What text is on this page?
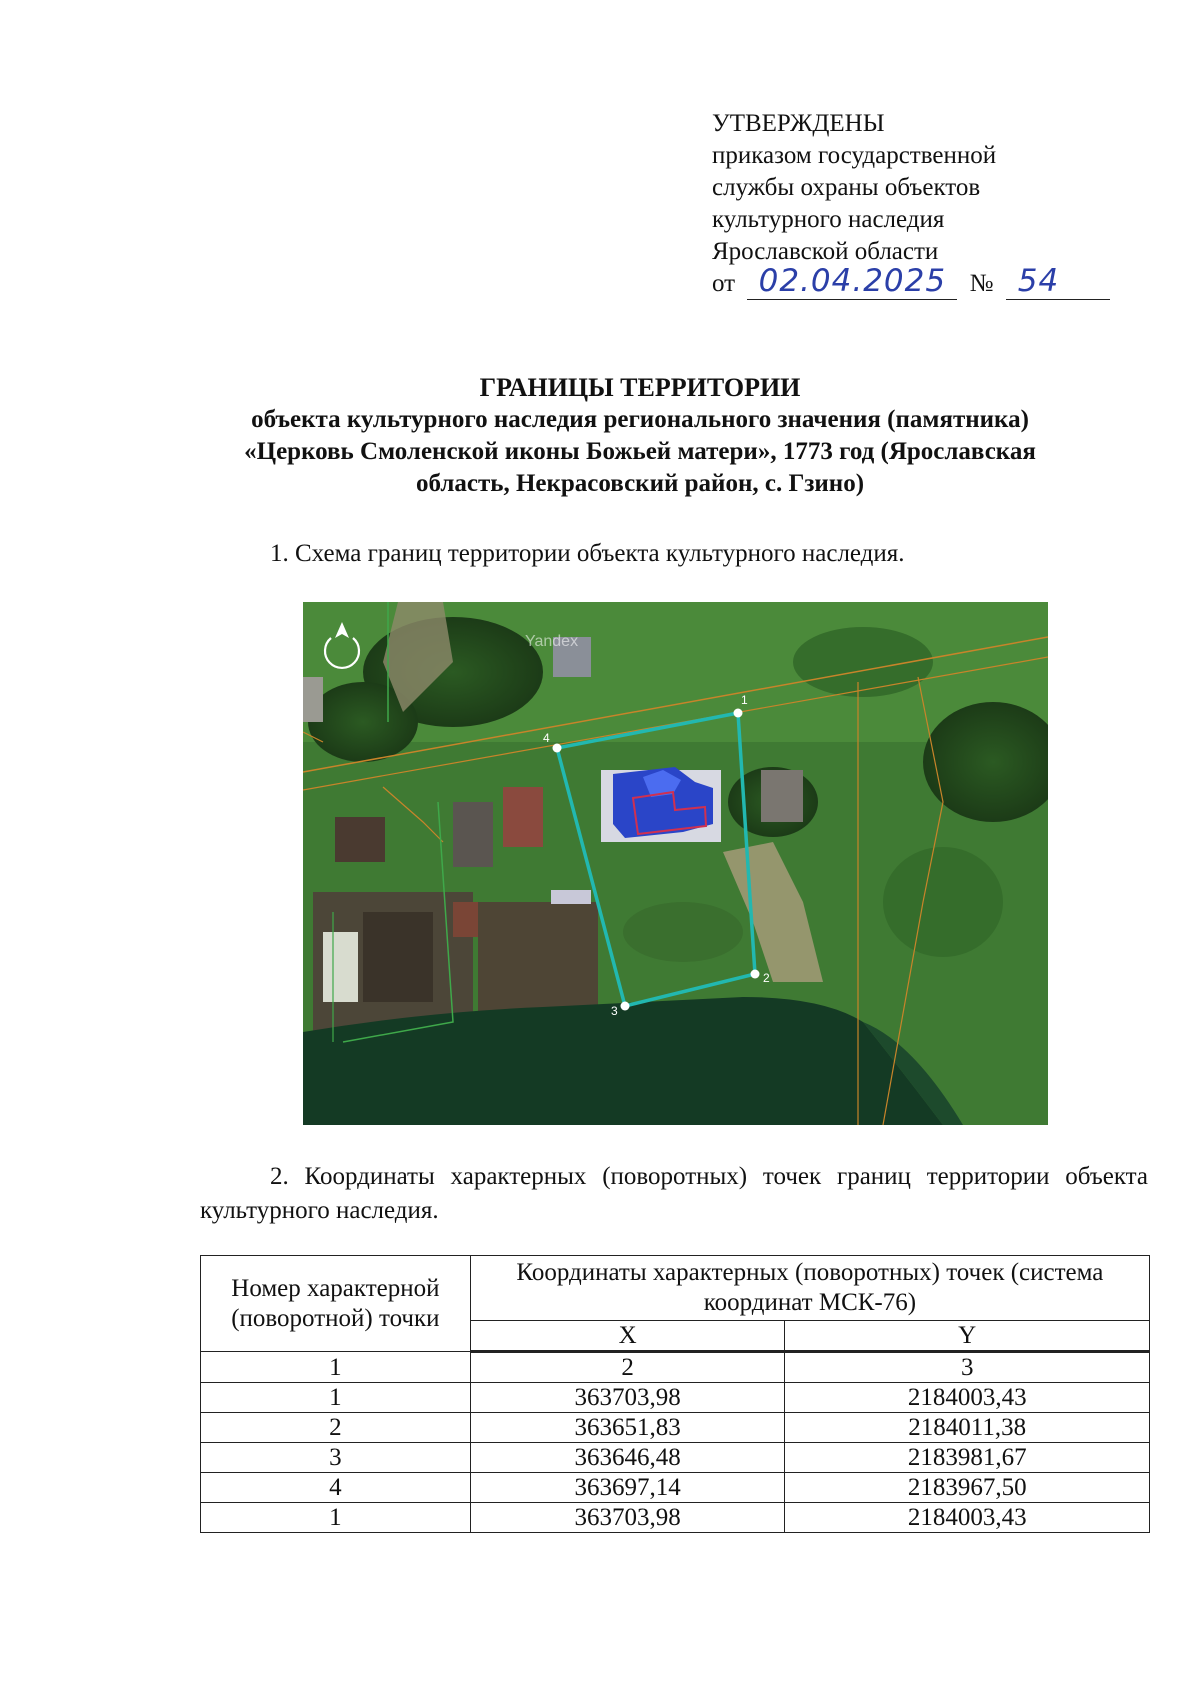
УТВЕРЖДЕНЫ
приказом государственной
службы охраны объектов
культурного наследия
Ярославской области
от 02.04.2025 № 54
ГРАНИЦЫ ТЕРРИТОРИИ
объекта культурного наследия регионального значения (памятника)
«Церковь Смоленской иконы Божьей матери», 1773 год (Ярославская
область, Некрасовский район, с. Гзино)
1. Схема границ территории объекта культурного наследия.
1
2
3
4
Yandex
2. Координаты характерных (поворотных) точек границ территории объекта культурного наследия.
Номер характерной (поворотной) точки	Координаты характерных (поворотных) точек (система координат МСК-76)	
	X	Y
1	2	3
1	363703,98	2184003,43
2	363651,83	2184011,38
3	363646,48	2183981,67
4	363697,14	2183967,50
1	363703,98	2184003,43
